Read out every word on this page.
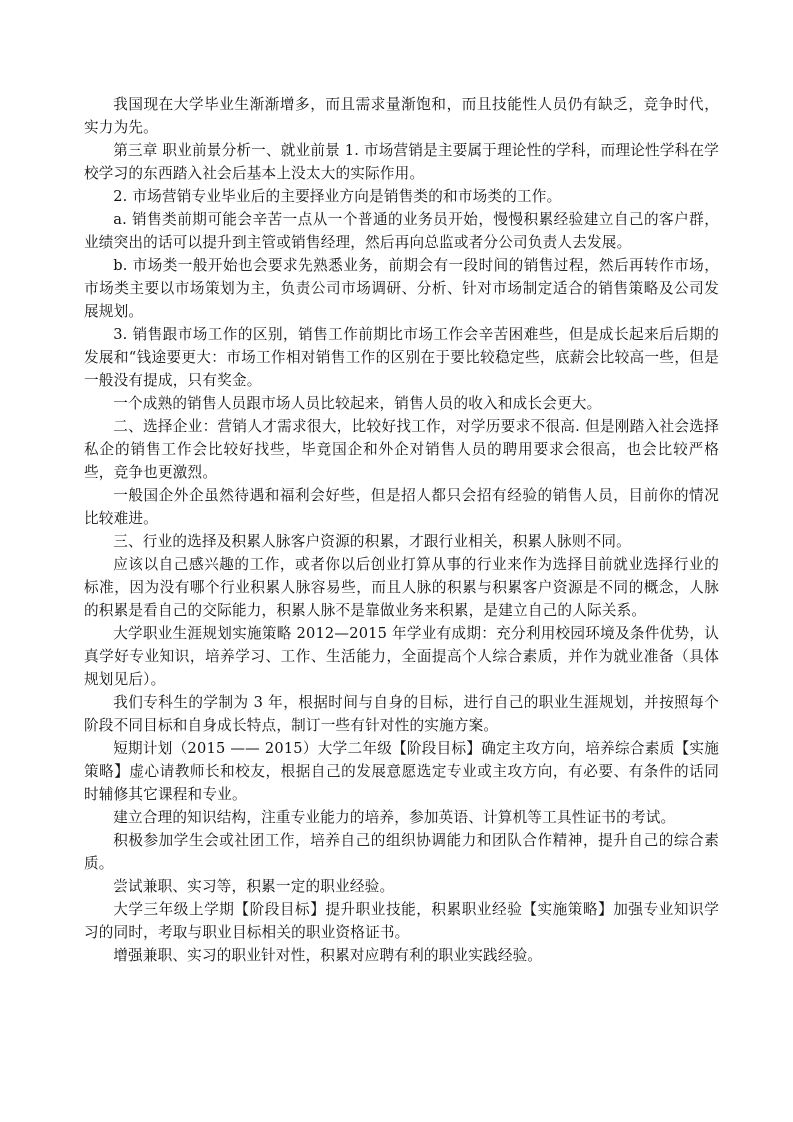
我国现在大学毕业生渐渐增多，而且需求量渐饱和，而且技能性人员仍有缺乏，竞争时代，实力为先。

第三章 职业前景分析一、就业前景 1. 市场营销是主要属于理论性的学科，而理论性学科在学校学习的东西踏入社会后基本上没太大的实际作用。

2. 市场营销专业毕业后的主要择业方向是销售类的和市场类的工作。

a. 销售类前期可能会辛苦一点从一个普通的业务员开始，慢慢积累经验建立自己的客户群，业绩突出的话可以提升到主管或销售经理，然后再向总监或者分公司负责人去发展。

b. 市场类一般开始也会要求先熟悉业务，前期会有一段时间的销售过程，然后再转作市场，市场类主要以市场策划为主，负责公司市场调研、分析、针对市场制定适合的销售策略及公司发展规划。

3. 销售跟市场工作的区别，销售工作前期比市场工作会辛苦困难些，但是成长起来后后期的发展和“钱途要更大：市场工作相对销售工作的区别在于要比较稳定些，底薪会比较高一些，但是一般没有提成，只有奖金。

一个成熟的销售人员跟市场人员比较起来，销售人员的收入和成长会更大。

二、选择企业：营销人才需求很大，比较好找工作，对学历要求不很高. 但是刚踏入社会选择私企的销售工作会比较好找些，毕竟国企和外企对销售人员的聘用要求会很高，也会比较严格些，竞争也更激烈。

一般国企外企虽然待遇和福利会好些，但是招人都只会招有经验的销售人员，目前你的情况比较难进。

三、行业的选择及积累人脉客户资源的积累，才跟行业相关，积累人脉则不同。

应该以自己感兴趣的工作，或者你以后创业打算从事的行业来作为选择目前就业选择行业的标准，因为没有哪个行业积累人脉容易些，而且人脉的积累与积累客户资源是不同的概念，人脉的积累是看自己的交际能力，积累人脉不是靠做业务来积累，是建立自己的人际关系。

大学职业生涯规划实施策略 2012—2015 年学业有成期：充分利用校园环境及条件优势，认真学好专业知识，培养学习、工作、生活能力，全面提高个人综合素质，并作为就业准备（具体规划见后）。

我们专科生的学制为 3 年，根据时间与自身的目标，进行自己的职业生涯规划，并按照每个阶段不同目标和自身成长特点，制订一些有针对性的实施方案。

短期计划（2015 —— 2015）大学二年级【阶段目标】确定主攻方向，培养综合素质【实施策略】虚心请教师长和校友，根据自己的发展意愿选定专业或主攻方向，有必要、有条件的话同时辅修其它课程和专业。

建立合理的知识结构，注重专业能力的培养，参加英语、计算机等工具性证书的考试。

积极参加学生会或社团工作，培养自己的组织协调能力和团队合作精神，提升自己的综合素质。

尝试兼职、实习等，积累一定的职业经验。

大学三年级上学期【阶段目标】提升职业技能，积累职业经验【实施策略】加强专业知识学习的同时，考取与职业目标相关的职业资格证书。

增强兼职、实习的职业针对性，积累对应聘有利的职业实践经验。
